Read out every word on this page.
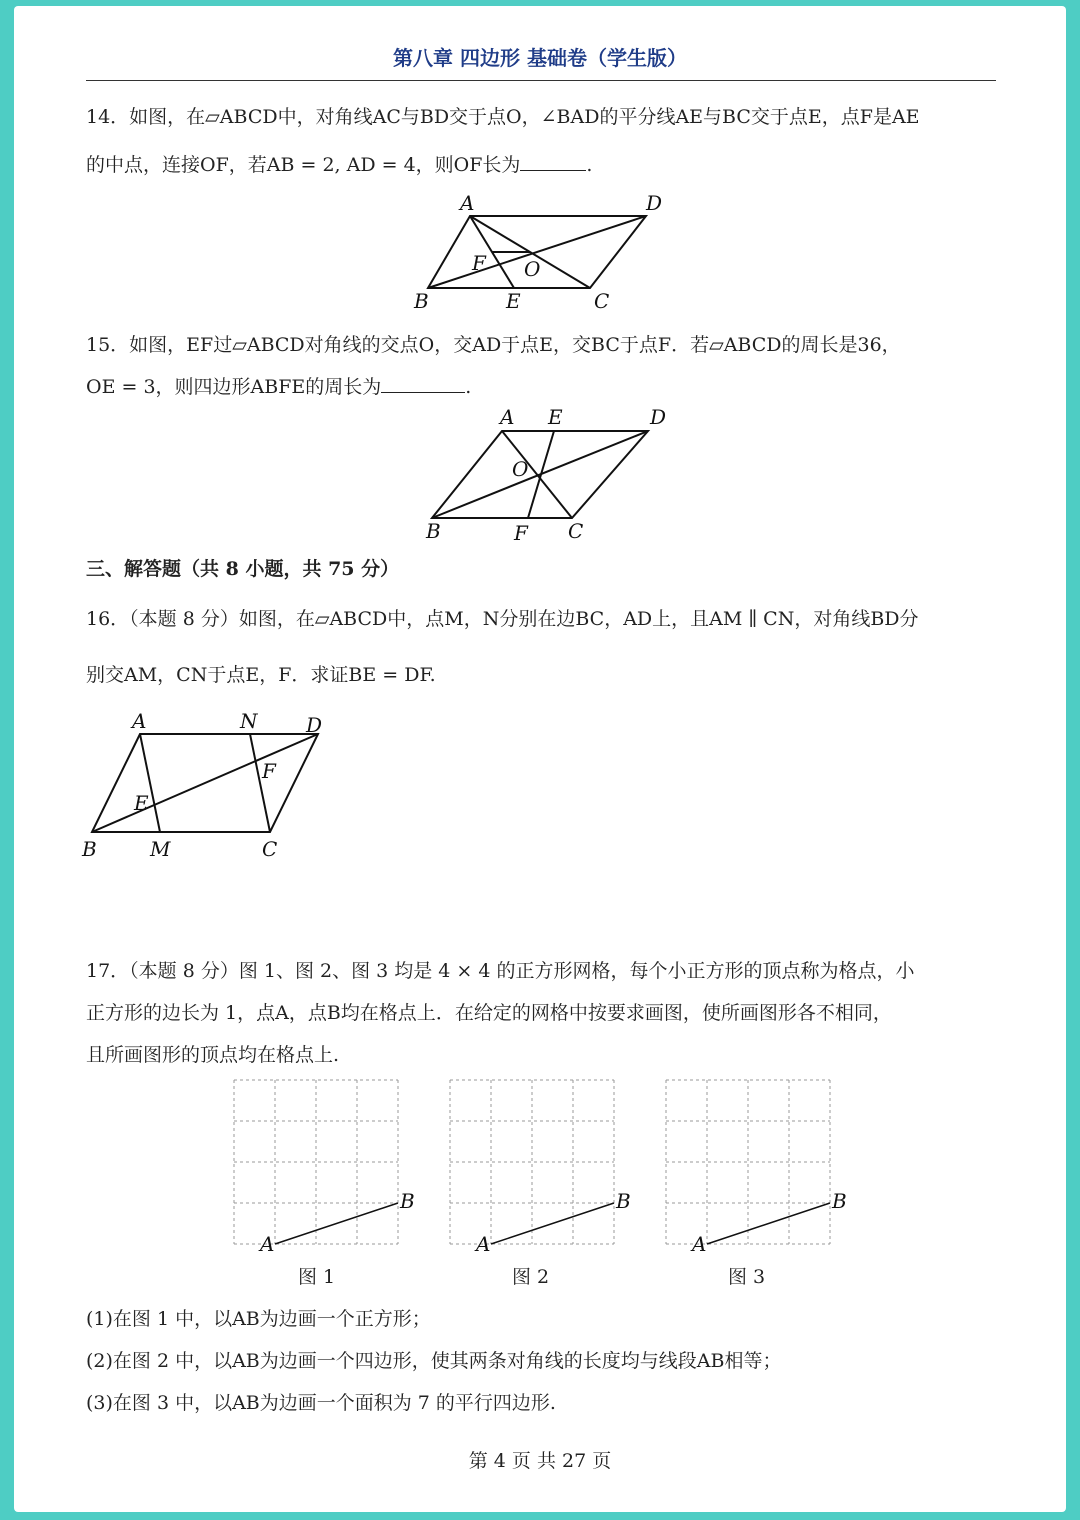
第八章 四边形 基础卷（学生版）
14．如图，在▱ABCD中，对角线AC与BD交于点O，∠BAD的平分线AE与BC交于点E，点F是AE
的中点，连接OF，若AB = 2, AD = 4，则OF长为	.
A	D
F O
B	E	C
15．如图，EF过▱ABCD对角线的交点O，交AD于点E，交BC于点F．若▱ABCD的周长是36，
OE = 3，则四边形ABFE的周长为	.
A E	D
O
B	F C
三、解答题（共 8 小题，共 75 分）
16．（本题 8 分）如图，在▱ABCD中，点M，N分别在边BC，AD上，且AM ∥ CN，对角线BD分
别交AM，CN于点E，F．求证BE = DF.
A	N D
F
E
B	M	C
17．（本题 8 分）图 1、图 2、图 3 均是 4 × 4 的正方形网格，每个小正方形的顶点称为格点，小
正方形的边长为 1，点A，点B均在格点上．在给定的网格中按要求画图，使所画图形各不相同，
且所画图形的顶点均在格点上.
A
B
图 1
A
B
图 2
A
B
图 3
(1)在图 1 中，以AB为边画一个正方形；
(2)在图 2 中，以AB为边画一个四边形，使其两条对角线的长度均与线段AB相等；
(3)在图 3 中，以AB为边画一个面积为 7 的平行四边形.
第 4 页 共 27 页
